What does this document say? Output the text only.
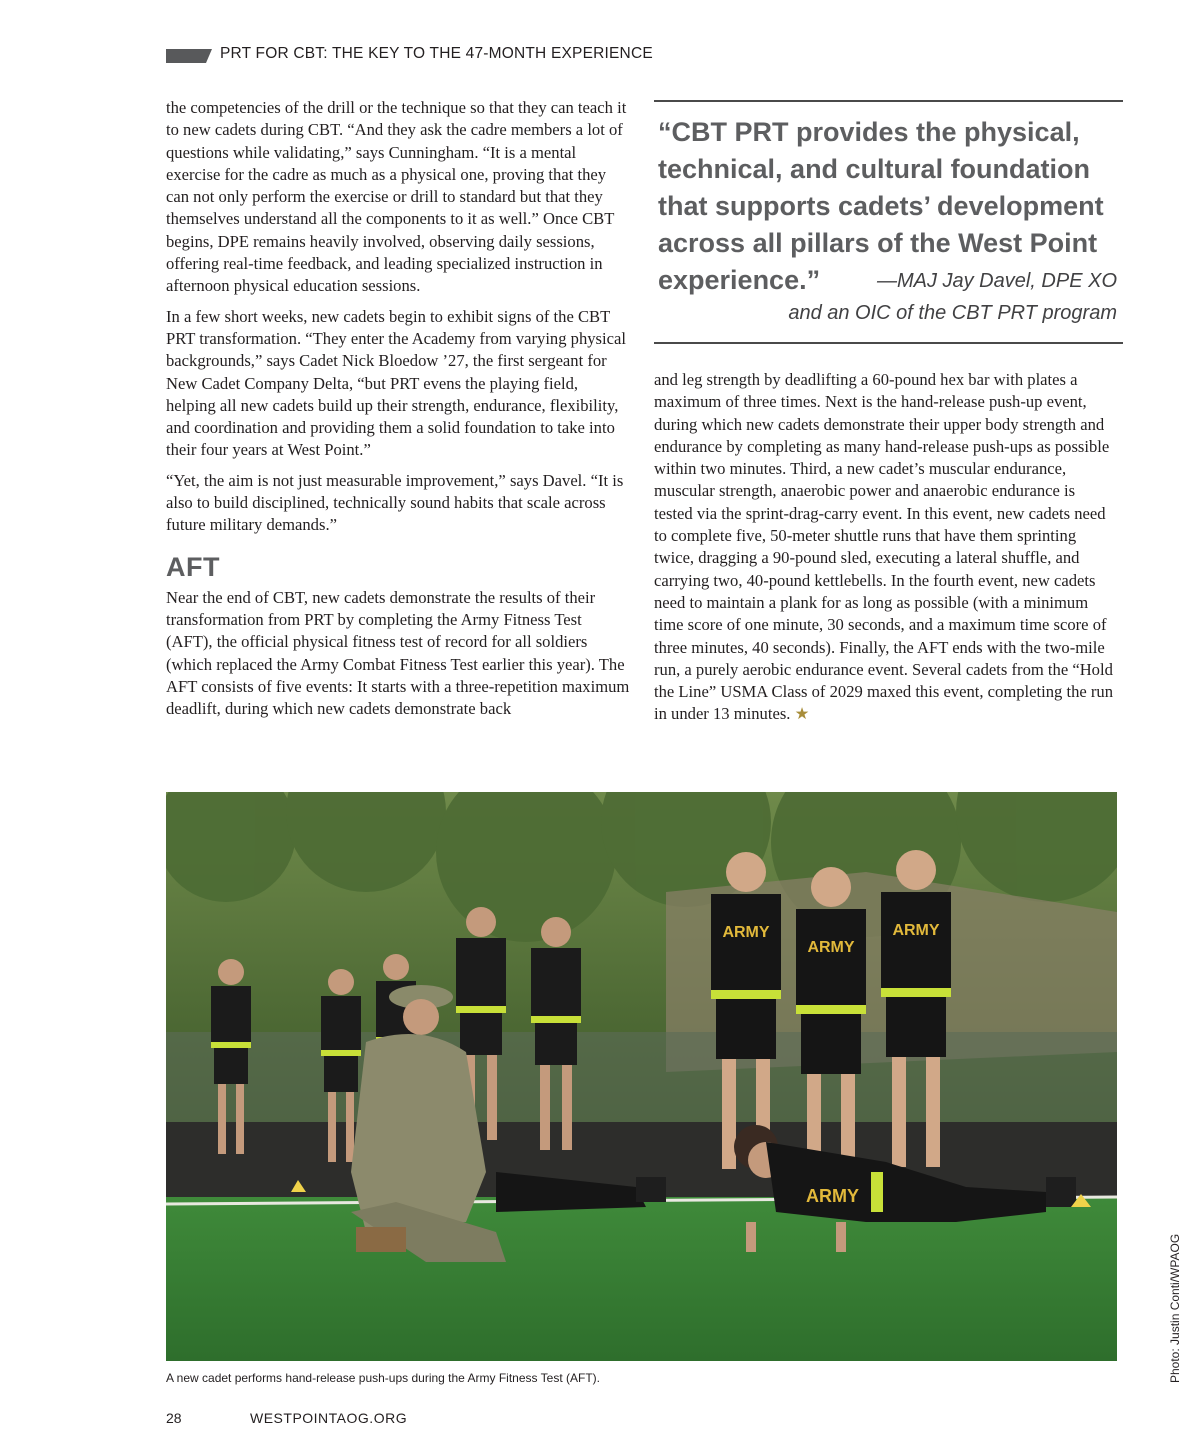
PRT FOR CBT: THE KEY TO THE 47-MONTH EXPERIENCE

the competencies of the drill or the technique so that they can teach it to new cadets during CBT. “And they ask the cadre members a lot of questions while validating,” says Cunningham. “It is a mental exercise for the cadre as much as a physical one, proving that they can not only perform the exercise or drill to standard but that they themselves understand all the components to it as well.” Once CBT begins, DPE remains heavily involved, observing daily sessions, offering real-time feedback, and leading specialized instruction in afternoon physical education sessions.

In a few short weeks, new cadets begin to exhibit signs of the CBT PRT transformation. “They enter the Academy from varying physical backgrounds,” says Cadet Nick Bloedow ’27, the first sergeant for New Cadet Company Delta, “but PRT evens the playing field, helping all new cadets build up their strength, endurance, flexibility, and coordination and providing them a solid foundation to take into their four years at West Point.”

“Yet, the aim is not just measurable improvement,” says Davel. “It is also to build disciplined, technically sound habits that scale across future military demands.”

AFT

Near the end of CBT, new cadets demonstrate the results of their transformation from PRT by completing the Army Fitness Test (AFT), the official physical fitness test of record for all soldiers (which replaced the Army Combat Fitness Test earlier this year). The AFT consists of five events: It starts with a three-repetition maximum deadlift, during which new cadets demonstrate back

“CBT PRT provides the physical, technical, and cultural foundation that supports cadets’ development across all pillars of the West Point experience.”	—MAJ Jay Davel, DPE XO
and an OIC of the CBT PRT program

and leg strength by deadlifting a 60-pound hex bar with plates a maximum of three times. Next is the hand-release push-up event, during which new cadets demonstrate their upper body strength and endurance by completing as many hand-release push-ups as possible within two minutes. Third, a new cadet’s muscular endurance, muscular strength, anaerobic power and anaerobic endurance is tested via the sprint-drag-carry event. In this event, new cadets need to complete five, 50-meter shuttle runs that have them sprinting twice, dragging a 90-pound sled, executing a lateral shuffle, and carrying two, 40-pound kettlebells. In the fourth event, new cadets need to maintain a plank for as long as possible (with a minimum time score of one minute, 30 seconds, and a maximum time score of three minutes, 40 seconds). Finally, the AFT ends with the two-mile run, a purely aerobic endurance event. Several cadets from the “Hold the Line” USMA Class of 2029 maxed this event, completing the run in under 13 minutes. ★

ARMY
ARMY
ARMY
ARMY
A new cadet performs hand-release push-ups during the Army Fitness Test (AFT).	Photo: Justin Conti/WPAOG
28	WESTPOINTAOG.ORG
